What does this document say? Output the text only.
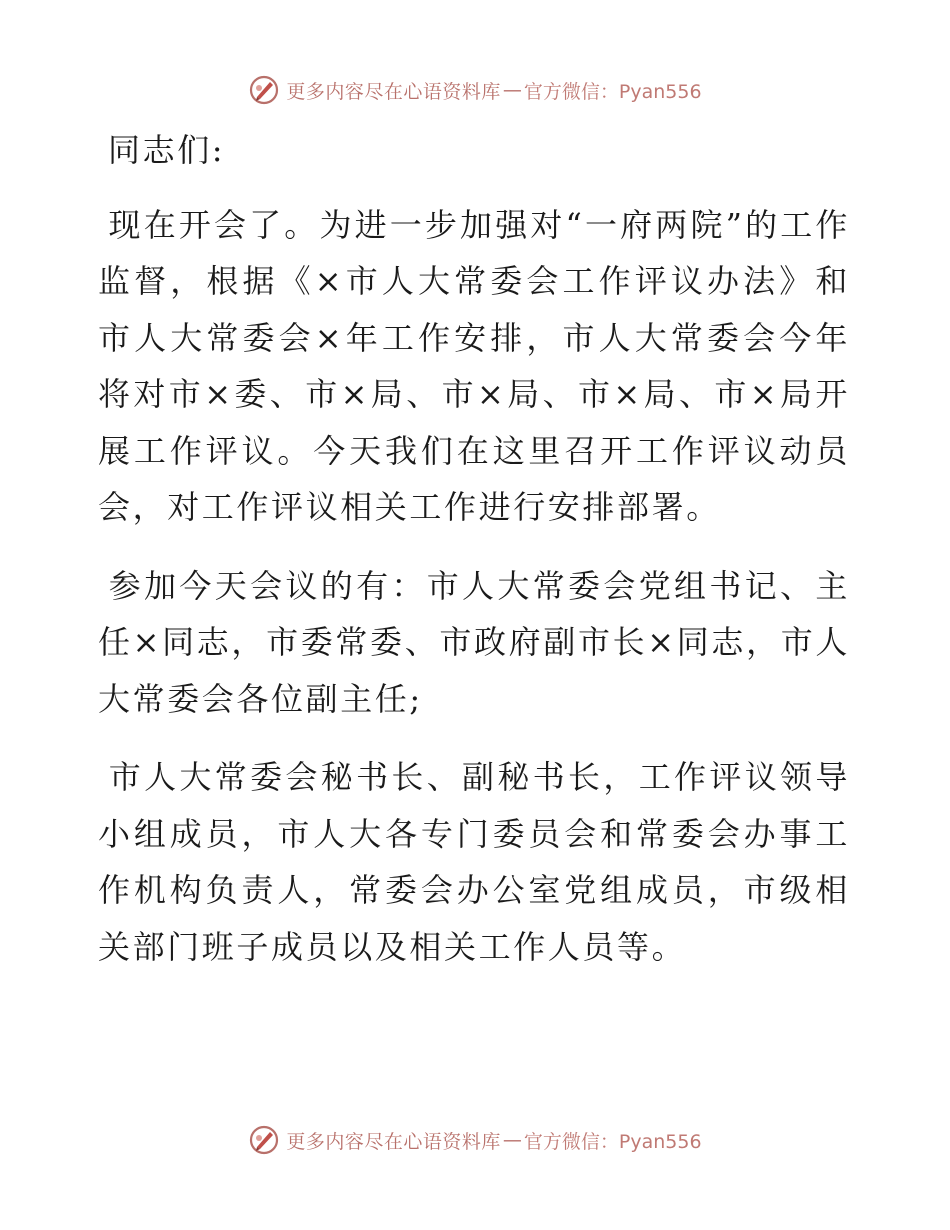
更多内容尽在心语资料库 — 官方微信：Pyan556

同志们:

现在开会了。为进一步加强对“一府两院”的工作监督，根据《×市人大常委会工作评议办法》和市人大常委会×年工作安排，市人大常委会今年将对市×委、市×局、市×局、市×局、市×局开展工作评议。今天我们在这里召开工作评议动员会，对工作评议相关工作进行安排部署。

参加今天会议的有：市人大常委会党组书记、主任×同志，市委常委、市政府副市长×同志，市人大常委会各位副主任;

市人大常委会秘书长、副秘书长，工作评议领导小组成员，市人大各专门委员会和常委会办事工作机构负责人，常委会办公室党组成员，市级相关部门班子成员以及相关工作人员等。

更多内容尽在心语资料库 — 官方微信：Pyan556
